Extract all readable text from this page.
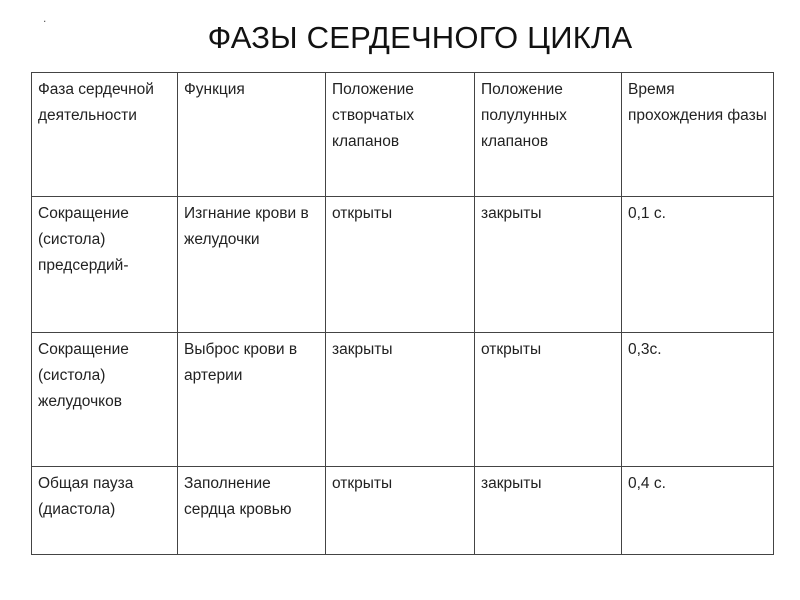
.
ФАЗЫ СЕРДЕЧНОГО ЦИКЛА
Фаза сердечной деятельности	Функция	Положение створчатых клапанов	Положение полулунных клапанов	Время прохождения фазы
Сокращение (систола) предсердий-	Изгнание крови в желудочки	открыты	закрыты	0,1 с.
Сокращение (систола) желудочков	Выброс крови в артерии	закрыты	открыты	0,3с.
Общая пауза (диастола)	Заполнение сердца кровью	открыты	закрыты	0,4 с.
